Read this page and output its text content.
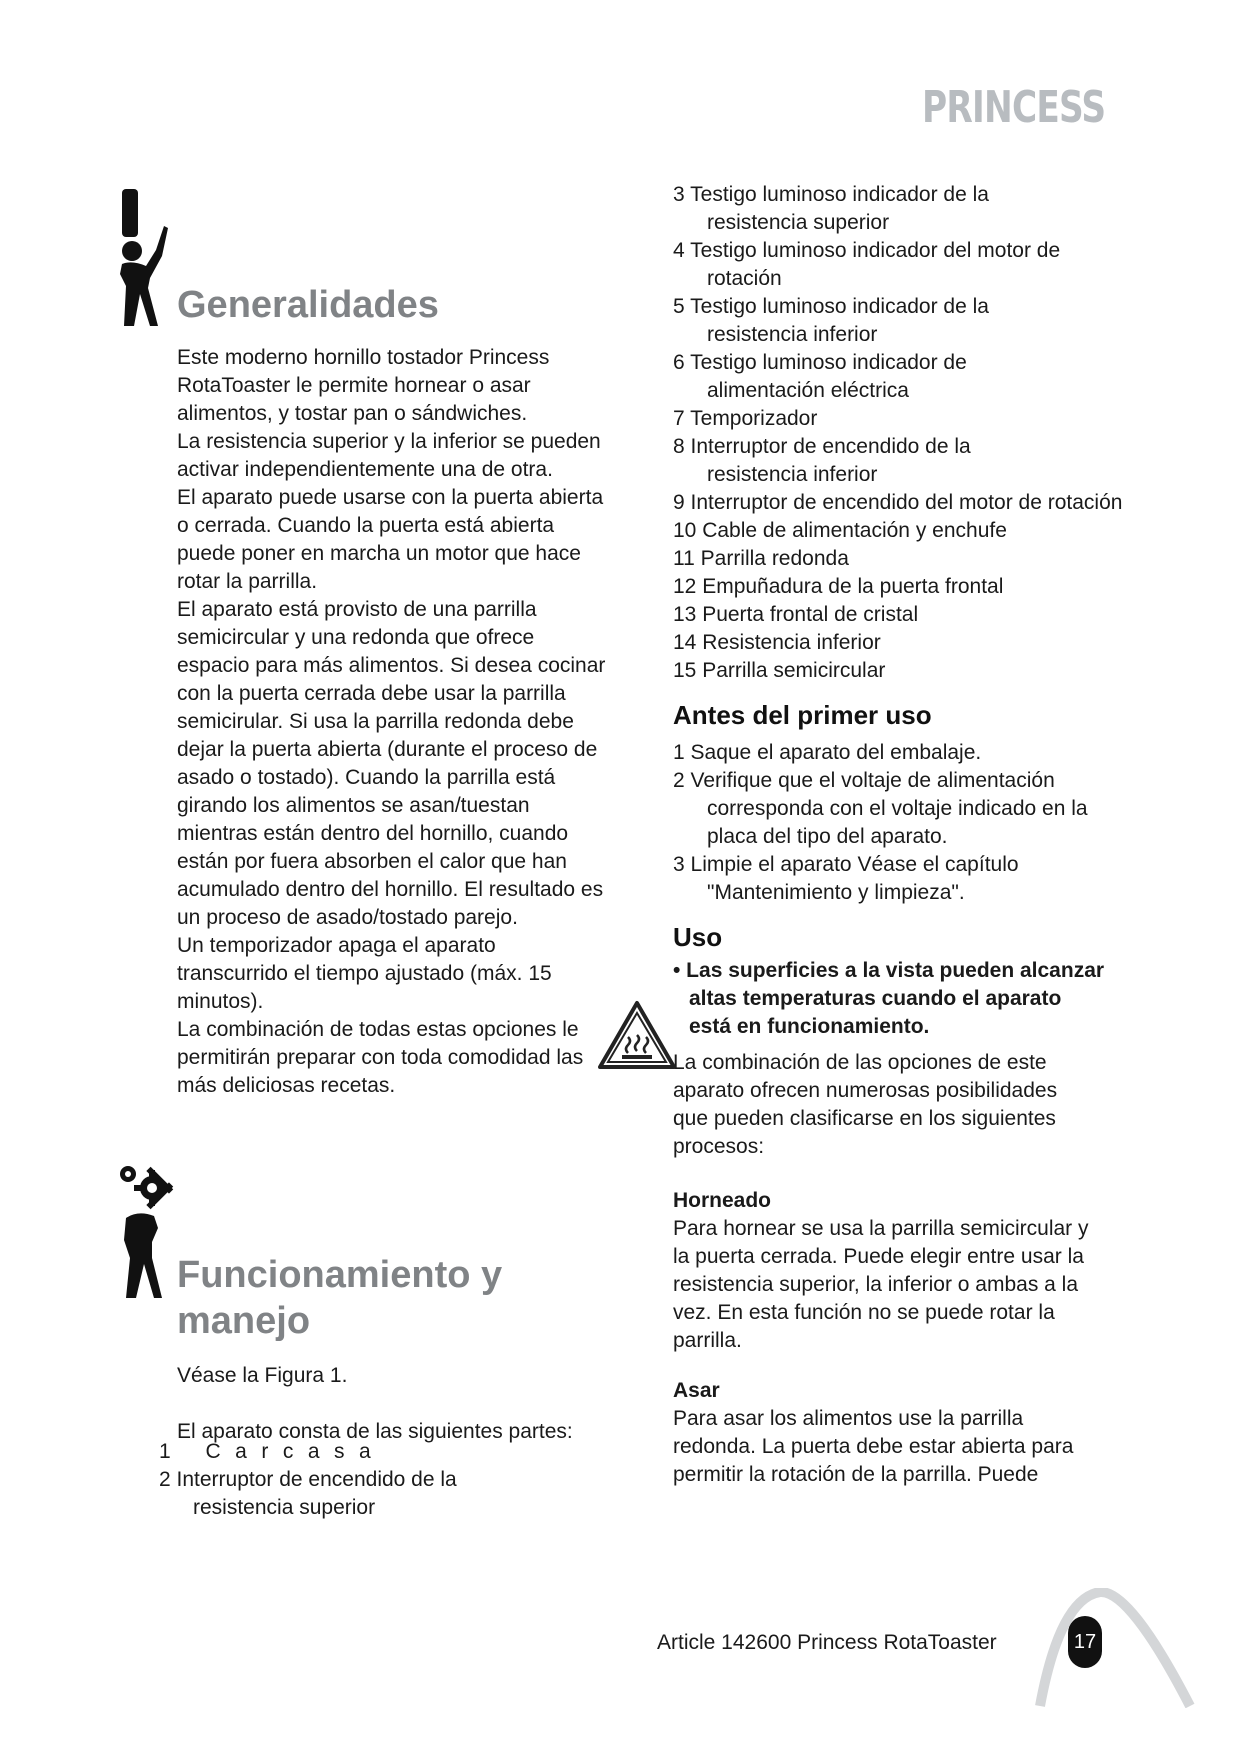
PRINCESS
Generalidades

Este moderno hornillo tostador Princess RotaToaster le permite hornear o asar alimentos, y tostar pan o sándwiches.

La resistencia superior y la inferior se pueden activar independientemente una de otra.

El aparato puede usarse con la puerta abierta o cerrada. Cuando la puerta está abierta puede poner en marcha un motor que hace rotar la parrilla.

El aparato está provisto de una parrilla semicircular y una redonda que ofrece espacio para más alimentos. Si desea cocinar con la puerta cerrada debe usar la parrilla semicirular. Si usa la parrilla redonda debe dejar la puerta abierta (durante el proceso de asado o tostado). Cuando la parrilla está girando los alimentos se asan/tuestan mientras están dentro del hornillo, cuando están por fuera absorben el calor que han acumulado dentro del hornillo. El resultado es un proceso de asado/tostado parejo.

Un temporizador apaga el aparato transcurrido el tiempo ajustado (máx. 15 minutos).

La combinación de todas estas opciones le permitirán preparar con toda comodidad las más deliciosas recetas.

Funcionamiento y
manejo

Véase la Figura 1.

El aparato consta de las siguientes partes:

1 Carcasa

2 Interruptor de encendido de la resistencia superior

3 Testigo luminoso indicador de la resistencia superior

4 Testigo luminoso indicador del motor de rotación

5 Testigo luminoso indicador de la resistencia inferior

6 Testigo luminoso indicador de alimentación eléctrica

7 Temporizador

8 Interruptor de encendido de la resistencia inferior

9 Interruptor de encendido del motor de rotación

10 Cable de alimentación y enchufe

11 Parrilla redonda

12 Empuñadura de la puerta frontal

13 Puerta frontal de cristal

14 Resistencia inferior

15 Parrilla semicircular

Antes del primer uso

1 Saque el aparato del embalaje.

2 Verifique que el voltaje de alimentación corresponda con el voltaje indicado en la placa del tipo del aparato.

3 Limpie el aparato Véase el capítulo "Mantenimiento y limpieza".

Uso

• Las superficies a la vista pueden alcanzar altas temperaturas cuando el aparato está en funcionamiento.

La combinación de las opciones de este aparato ofrecen numerosas posibilidades que pueden clasificarse en los siguientes procesos:

Horneado

Para hornear se usa la parrilla semicircular y la puerta cerrada. Puede elegir entre usar la resistencia superior, la inferior o ambas a la vez. En esta función no se puede rotar la parrilla.

Asar

Para asar los alimentos use la parrilla redonda. La puerta debe estar abierta para permitir la rotación de la parrilla. Puede

Article 142600 Princess RotaToaster	17
